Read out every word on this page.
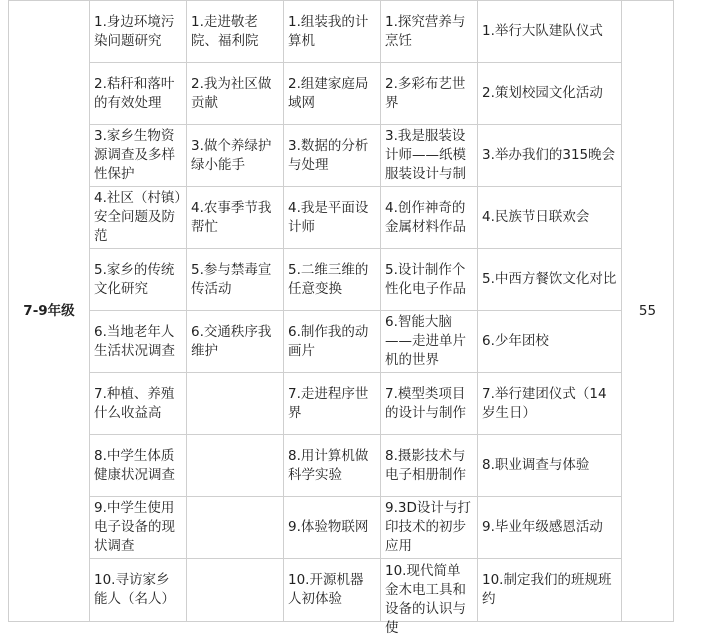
7-9年级	1.身边环境污染问题研究	1.走进敬老院、福利院	1.组装我的计算机	1.探究营养与烹饪	1.举行大队建队仪式	55

	2.秸秆和落叶的有效处理	2.我为社区做贡献	2.组建家庭局域网	2.多彩布艺世界	2.策划校园文化活动	

	3.家乡生物资源调查及多样性保护	3.做个养绿护绿小能手	3.数据的分析与处理	3.我是服装设计师——纸模服装设计与制	3.举办我们的315晚会	

	4.社区（村镇）安全问题及防范	4.农事季节我帮忙	4.我是平面设计师	4.创作神奇的金属材料作品	4.民族节日联欢会	

	5.家乡的传统文化研究	5.参与禁毒宣传活动	5.二维三维的任意变换	5.设计制作个性化电子作品	5.中西方餐饮文化对比	

	6.当地老年人生活状况调查	6.交通秩序我维护	6.制作我的动画片	6.智能大脑——走进单片机的世界	6.少年团校	

	7.种植、养殖什么收益高		7.走进程序世界	7.模型类项目的设计与制作	7.举行建团仪式（14岁生日）	

	8.中学生体质健康状况调查		8.用计算机做科学实验	8.摄影技术与电子相册制作	8.职业调查与体验	

	9.中学生使用电子设备的现状调查		9.体验物联网	9.3D设计与打印技术的初步应用	9.毕业年级感恩活动	

	10.寻访家乡能人（名人）		10.开源机器人初体验	10.现代简单金木电工具和设备的认识与使	10.制定我们的班规班约	
